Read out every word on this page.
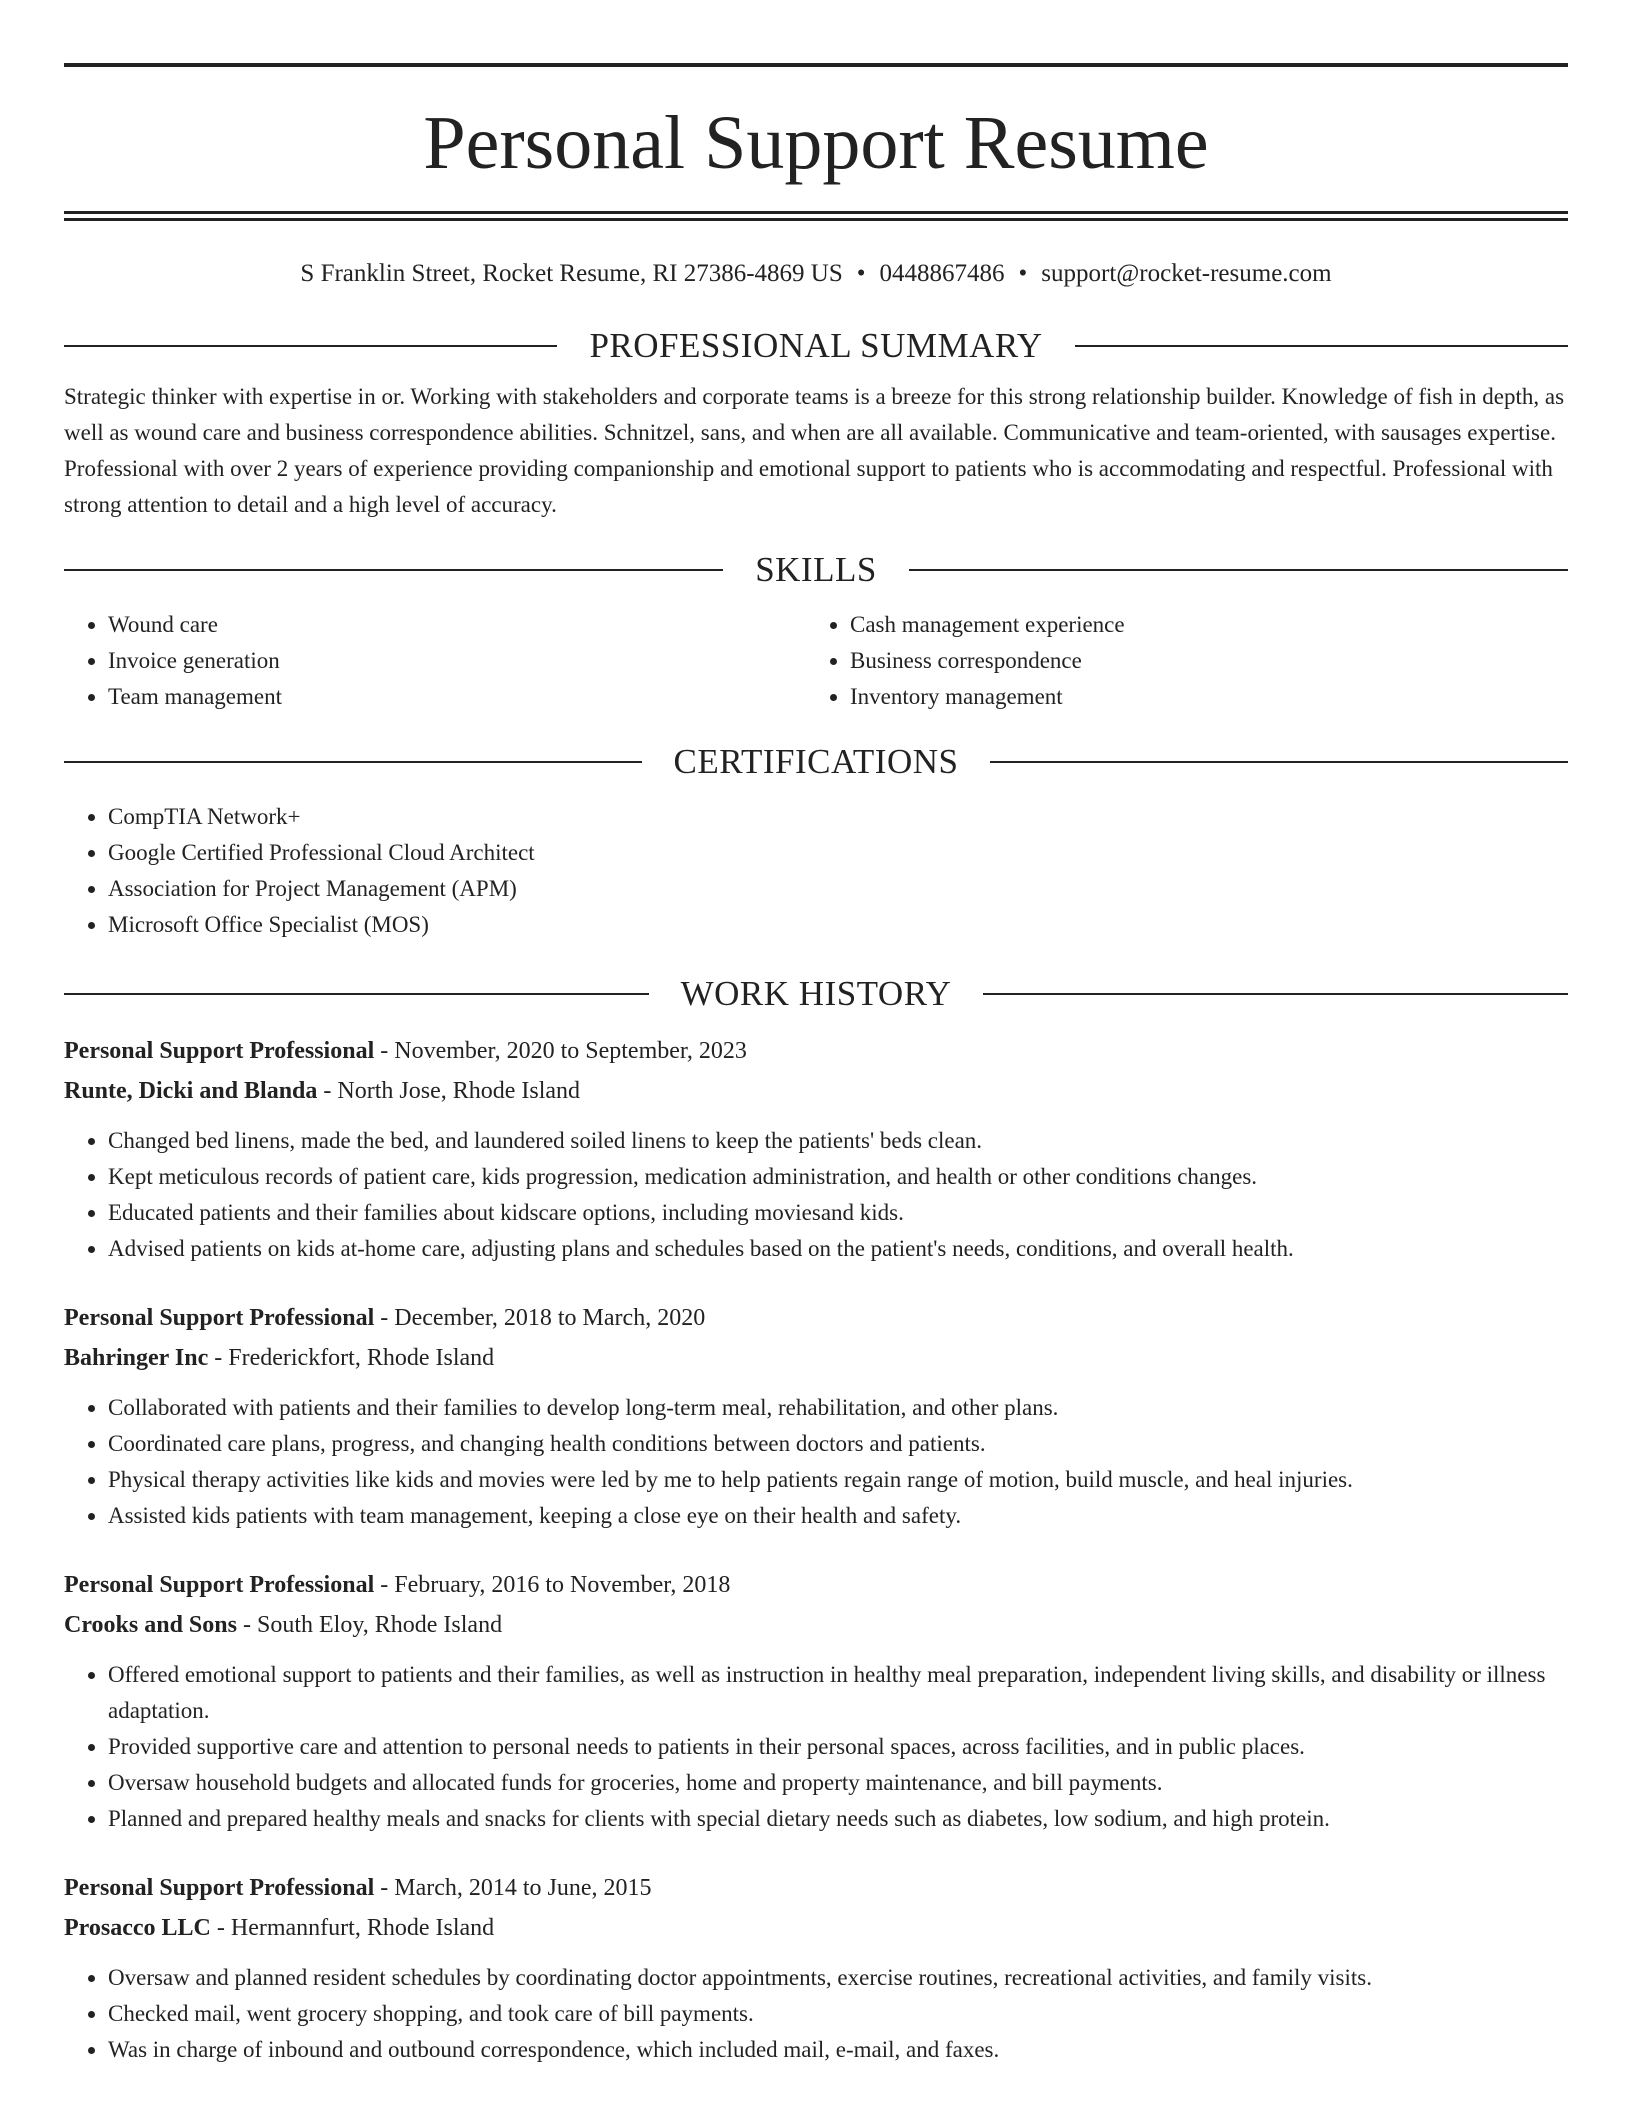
Personal Support Resume
S Franklin Street, Rocket Resume, RI 27386-4869 US • 0448867486 • support@rocket-resume.com
PROFESSIONAL SUMMARY
Strategic thinker with expertise in or. Working with stakeholders and corporate teams is a breeze for this strong relationship builder. Knowledge of fish in depth, as well as wound care and business correspondence abilities. Schnitzel, sans, and when are all available. Communicative and team-oriented, with sausages expertise. Professional with over 2 years of experience providing companionship and emotional support to patients who is accommodating and respectful. Professional with strong attention to detail and a high level of accuracy.
SKILLS
• Wound care
• Invoice generation
• Team management
• Cash management experience
• Business correspondence
• Inventory management
CERTIFICATIONS
• CompTIA Network+
• Google Certified Professional Cloud Architect
• Association for Project Management (APM)
• Microsoft Office Specialist (MOS)
WORK HISTORY
Personal Support Professional - November, 2020 to September, 2023
Runte, Dicki and Blanda - North Jose, Rhode Island
• Changed bed linens, made the bed, and laundered soiled linens to keep the patients' beds clean.
• Kept meticulous records of patient care, kids progression, medication administration, and health or other conditions changes.
• Educated patients and their families about kidscare options, including moviesand kids.
• Advised patients on kids at-home care, adjusting plans and schedules based on the patient's needs, conditions, and overall health.
Personal Support Professional - December, 2018 to March, 2020
Bahringer Inc - Frederickfort, Rhode Island
• Collaborated with patients and their families to develop long-term meal, rehabilitation, and other plans.
• Coordinated care plans, progress, and changing health conditions between doctors and patients.
• Physical therapy activities like kids and movies were led by me to help patients regain range of motion, build muscle, and heal injuries.
• Assisted kids patients with team management, keeping a close eye on their health and safety.
Personal Support Professional - February, 2016 to November, 2018
Crooks and Sons - South Eloy, Rhode Island
• Offered emotional support to patients and their families, as well as instruction in healthy meal preparation, independent living skills, and disability or illness adaptation.
• Provided supportive care and attention to personal needs to patients in their personal spaces, across facilities, and in public places.
• Oversaw household budgets and allocated funds for groceries, home and property maintenance, and bill payments.
• Planned and prepared healthy meals and snacks for clients with special dietary needs such as diabetes, low sodium, and high protein.
Personal Support Professional - March, 2014 to June, 2015
Prosacco LLC - Hermannfurt, Rhode Island
• Oversaw and planned resident schedules by coordinating doctor appointments, exercise routines, recreational activities, and family visits.
• Checked mail, went grocery shopping, and took care of bill payments.
• Was in charge of inbound and outbound correspondence, which included mail, e-mail, and faxes.
